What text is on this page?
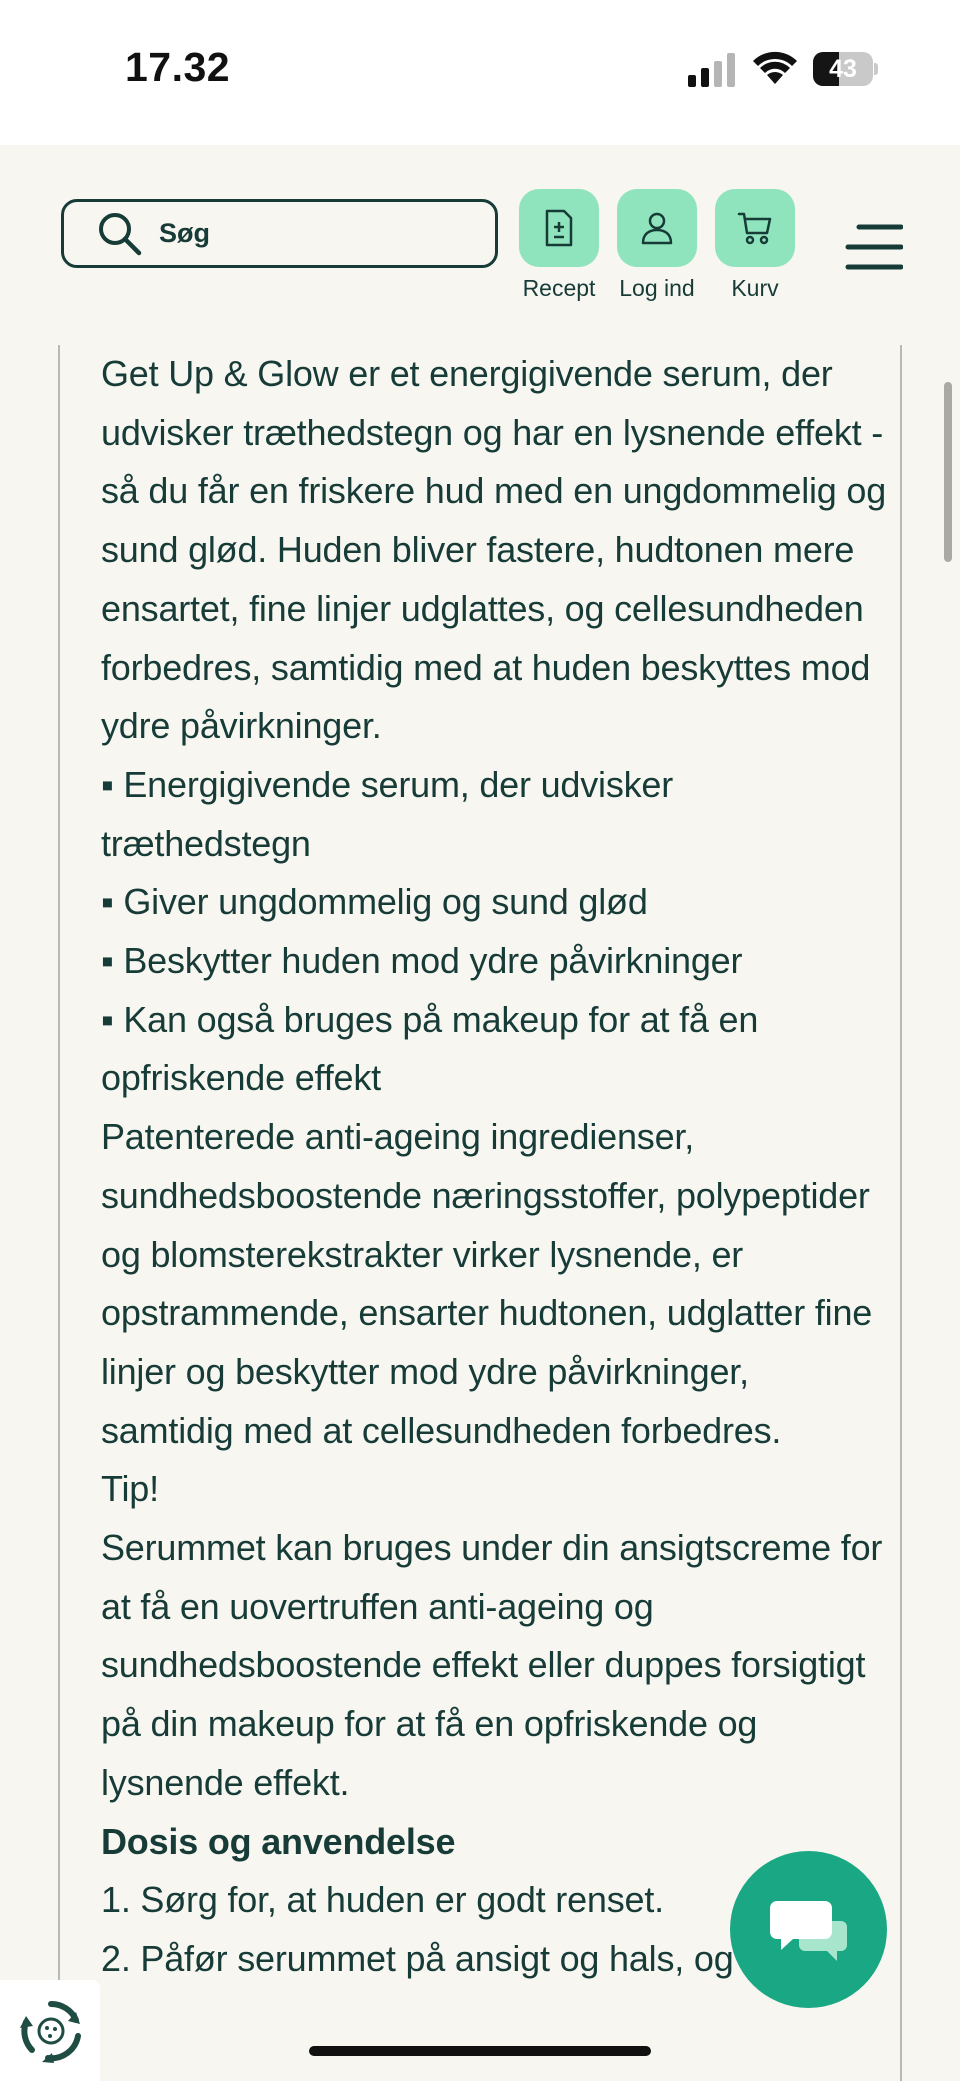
17.32	43
Søg
Recept	Log ind	Kurv

Get Up & Glow er et energigivende serum, der udvisker træthedstegn og har en lysnende effekt - så du får en friskere hud med en ungdommelig og sund glød. Huden bliver fastere, hudtonen mere ensartet, fine linjer udglattes, og cellesundheden forbedres, samtidig med at huden beskyttes mod ydre påvirkninger.

▪ Energigivende serum, der udvisker træthedstegn

▪ Giver ungdommelig og sund glød

▪ Beskytter huden mod ydre påvirkninger

▪ Kan også bruges på makeup for at få en opfriskende effekt

Patenterede anti-ageing ingredienser, sundhedsboostende næringsstoffer, polypeptider og blomsterekstrakter virker lysnende, er opstrammende, ensarter hudtonen, udglatter fine linjer og beskytter mod ydre påvirkninger, samtidig med at cellesundheden forbedres.

Tip!

Serummet kan bruges under din ansigtscreme for at få en uovertruffen anti-ageing og sundhedsboostende effekt eller duppes forsigtigt på din makeup for at få en opfriskende og lysnende effekt.

Dosis og anvendelse

1. Sørg for, at huden er godt renset.

2. Påfør serummet på ansigt og hals, og
